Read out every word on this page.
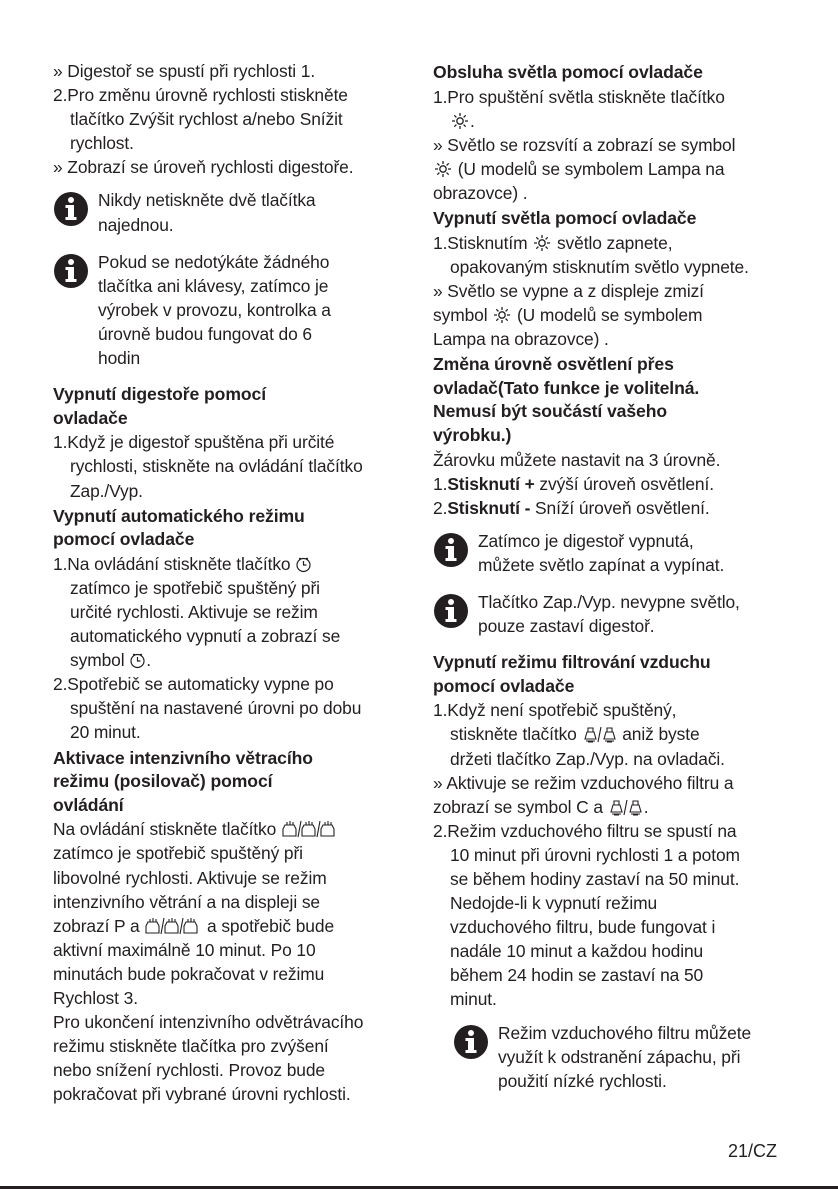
» Digestoř se spustí při rychlosti 1.
2.Pro změnu úrovně rychlosti stiskněte
tlačítko Zvýšit rychlost a/nebo Snížit
rychlost.
» Zobrazí se úroveň rychlosti digestoře.
Nikdy netiskněte dvě tlačítka
najednou.
Pokud se nedotýkáte žádného
tlačítka ani klávesy, zatímco je
výrobek v provozu, kontrolka a
úrovně budou fungovat do 6
hodin
Vypnutí digestoře pomocí
ovladače
1.Když je digestoř spuštěna při určité
rychlosti, stiskněte na ovládání tlačítko
Zap./Vyp.
Vypnutí automatického režimu
pomocí ovladače
1.Na ovládání stiskněte tlačítko
zatímco je spotřebič spuštěný při
určité rychlosti. Aktivuje se režim
automatického vypnutí a zobrazí se
symbol .
2.Spotřebič se automaticky vypne po
spuštění na nastavené úrovni po dobu
20 minut.
Aktivace intenzivního větracího
režimu (posilovač) pomocí
ovládání
Na ovládání stiskněte tlačítko
zatímco je spotřebič spuštěný při
libovolné rychlosti. Aktivuje se režim
intenzivního větrání a na displeji se
zobrazí P a	a spotřebič bude
aktivní maximálně 10 minut. Po 10
minutách bude pokračovat v režimu
Rychlost 3.
Pro ukončení intenzivního odvětrávacího
režimu stiskněte tlačítka pro zvýšení
nebo snížení rychlosti. Provoz bude
pokračovat při vybrané úrovni rychlosti.
Obsluha světla pomocí ovladače
1.Pro spuštění světla stiskněte tlačítko
.
» Světlo se rozsvítí a zobrazí se symbol
(U modelů se symbolem Lampa na
obrazovce) .
Vypnutí světla pomocí ovladače
1.Stisknutím světlo zapnete,
opakovaným stisknutím světlo vypnete.
» Světlo se vypne a z displeje zmizí
symbol (U modelů se symbolem
Lampa na obrazovce) .
Změna úrovně osvětlení přes
ovladač(Tato funkce je volitelná.
Nemusí být součástí vašeho
výrobku.)
Žárovku můžete nastavit na 3 úrovně.
1.Stisknutí + zvýší úroveň osvětlení.
2.Stisknutí - Sníží úroveň osvětlení.
Zatímco je digestoř vypnutá,
můžete světlo zapínat a vypínat.
Tlačítko Zap./Vyp. nevypne světlo,
pouze zastaví digestoř.
Vypnutí režimu filtrování vzduchu
pomocí ovladače
1.Když není spotřebič spuštěný,
stiskněte tlačítko	aniž byste
držeti tlačítko Zap./Vyp. na ovladači.
» Aktivuje se režim vzduchového filtru a
zobrazí se symbol C a .
2.Režim vzduchového filtru se spustí na
10 minut při úrovni rychlosti 1 a potom
se během hodiny zastaví na 50 minut.
Nedojde-li k vypnutí režimu
vzduchového filtru, bude fungovat i
nadále 10 minut a každou hodinu
během 24 hodin se zastaví na 50
minut.
Režim vzduchového filtru můžete
využít k odstranění zápachu, při
použití nízké rychlosti.
21/CZ
